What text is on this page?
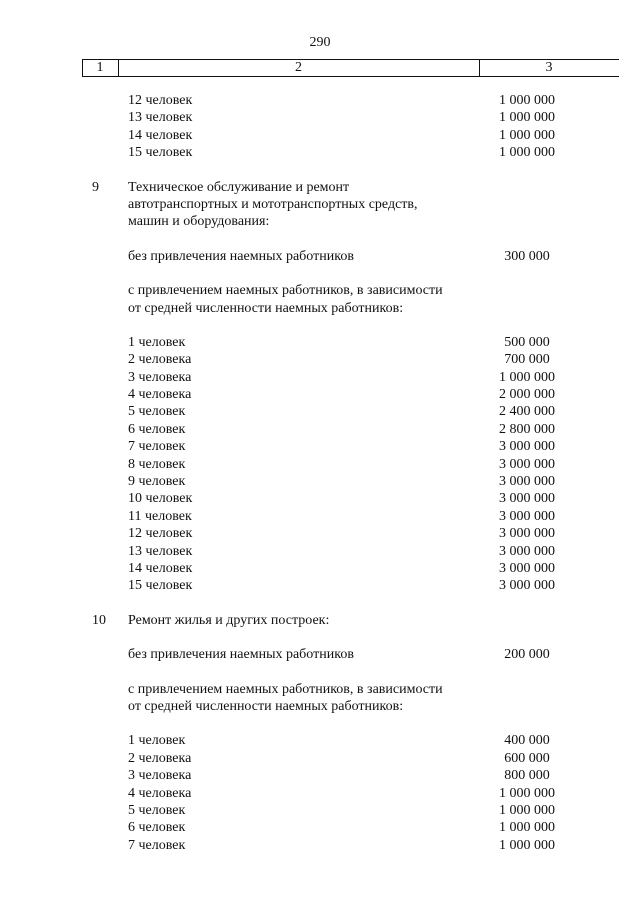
290
1	2	3
12 человек	1 000 000
13 человек	1 000 000
14 человек	1 000 000
15 человек	1 000 000
9 Техническое обслуживание и ремонт
автотранспортных и мототранспортных средств,
машин и оборудования:
без привлечения наемных работников	300 000
с привлечением наемных работников, в зависимости
от средней численности наемных работников:
1 человек	500 000
2 человека	700 000
3 человека	1 000 000
4 человека	2 000 000
5 человек	2 400 000
6 человек	2 800 000
7 человек	3 000 000
8 человек	3 000 000
9 человек	3 000 000
10 человек	3 000 000
11 человек	3 000 000
12 человек	3 000 000
13 человек	3 000 000
14 человек	3 000 000
15 человек	3 000 000
10 Ремонт жилья и других построек:
без привлечения наемных работников	200 000
с привлечением наемных работников, в зависимости
от средней численности наемных работников:
1 человек	400 000
2 человека	600 000
3 человека	800 000
4 человека	1 000 000
5 человек	1 000 000
6 человек	1 000 000
7 человек	1 000 000
